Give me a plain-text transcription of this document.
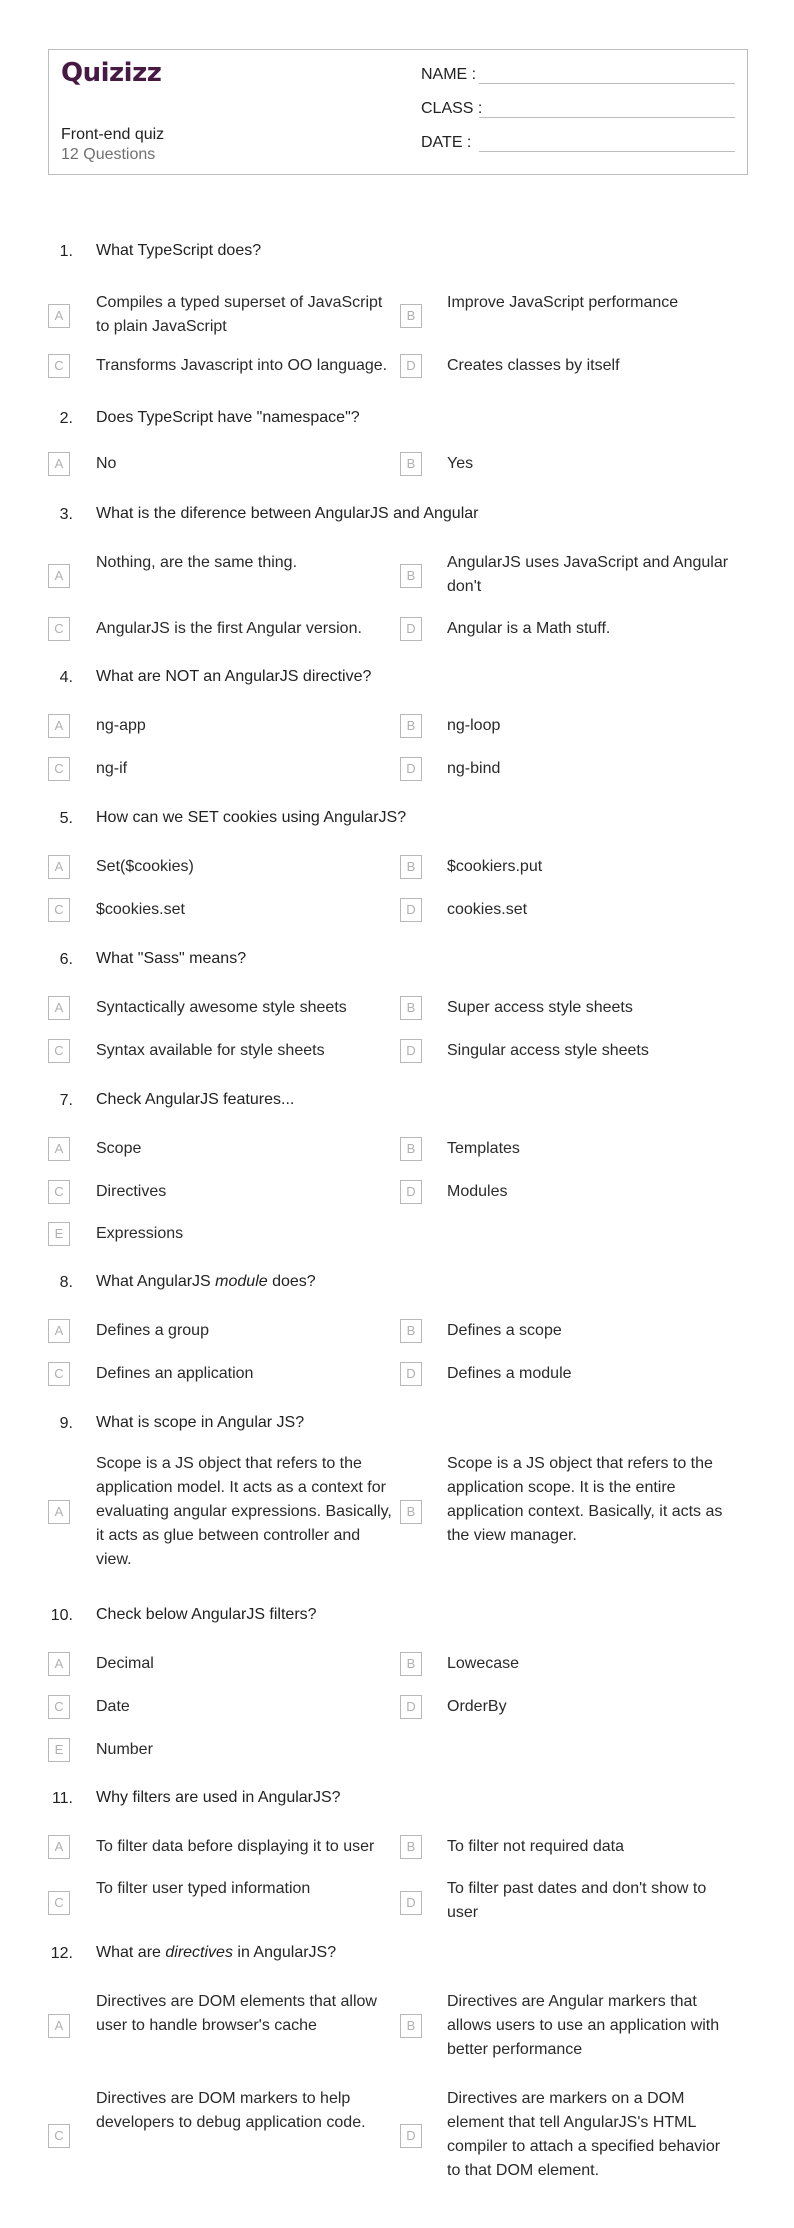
Quizizz
Front-end quiz
12 Questions
NAME :
CLASS :
DATE :
1. What TypeScript does?
A
Compiles a typed superset of JavaScript to plain JavaScript
B
Improve JavaScript performance
C	Transforms Javascript into OO language.	D	Creates classes by itself
2. Does TypeScript have "namespace"?
A	No	B	Yes
3. What is the diference between AngularJS and Angular
A
Nothing, are the same thing.
B
AngularJS uses JavaScript and Angular don't
C	AngularJS is the first Angular version.	D	Angular is a Math stuff.
4. What are NOT an AngularJS directive?
A	ng-app	B	ng-loop
C	ng-if	D	ng-bind
5. How can we SET cookies using AngularJS?
A	Set($cookies)	B	$cookiers.put
C	$cookies.set	D	cookies.set
6. What "Sass" means?
A	Syntactically awesome style sheets	B	Super access style sheets
C	Syntax available for style sheets	D	Singular access style sheets
7. Check AngularJS features...
A	Scope	B	Templates
C	Directives	D	Modules
E	Expressions
8. What AngularJS module does?
A	Defines a group	B	Defines a scope
C	Defines an application	D	Defines a module
9. What is scope in Angular JS?
A
Scope is a JS object that refers to the application model. It acts as a context for evaluating angular expressions. Basically, it acts as glue between controller and view.
B
Scope is a JS object that refers to the application scope. It is the entire application context. Basically, it acts as the view manager.
10. Check below AngularJS filters?
A	Decimal	B	Lowecase
C	Date	D	OrderBy
E	Number
11. Why filters are used in AngularJS?
A	To filter data before displaying it to user	B	To filter not required data
C
To filter user typed information
D
To filter past dates and don't show to user
12. What are directives in AngularJS?
A
Directives are DOM elements that allow user to handle browser's cache	B
Directives are Angular markers that allows users to use an application with better performance
C
Directives are DOM markers to help developers to debug application code.
D
Directives are markers on a DOM element that tell AngularJS's HTML compiler to attach a specified behavior to that DOM element.
